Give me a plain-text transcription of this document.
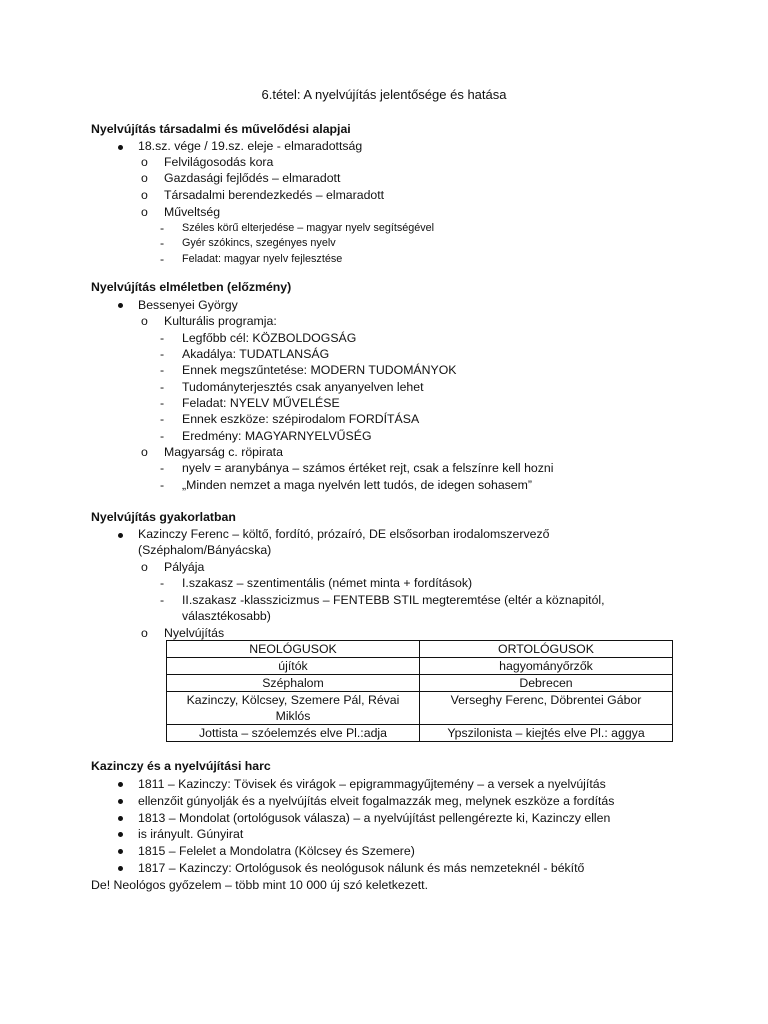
6.tétel: A nyelvújítás jelentősége és hatása
Nyelvújítás társadalmi és művelődési alapjai
18.sz. vége / 19.sz. eleje - elmaradottság
o Felvilágosodás kora
o Gazdasági fejlődés – elmaradott
o Társadalmi berendezkedés – elmaradott
o Műveltség
- Széles körű elterjedése – magyar nyelv segítségével
- Gyér szókincs, szegényes nyelv
- Feladat: magyar nyelv fejlesztése
Nyelvújítás elméletben (előzmény)
Bessenyei György
o Kulturális programja:
- Legfőbb cél: KÖZBOLDOGSÁG
- Akadálya: TUDATLANSÁG
- Ennek megszűntetése: MODERN TUDOMÁNYOK
- Tudományterjesztés csak anyanyelven lehet
- Feladat: NYELV MŰVELÉSE
- Ennek eszköze: szépirodalom FORDÍTÁSA
- Eredmény: MAGYARNYELVŰSÉG
o Magyarság c. röpirata
- nyelv = aranybánya – számos értéket rejt, csak a felszínre kell hozni
- „Minden nemzet a maga nyelvén lett tudós, de idegen sohasem”
Nyelvújítás gyakorlatban
Kazinczy Ferenc – költő, fordító, prózaíró, DE elsősorban irodalomszervező
(Széphalom/Bányácska)
o Pályája
- I.szakasz – szentimentális (német minta + fordítások)
- II.szakasz -klasszicizmus – FENTEBB STIL megteremtése (eltér a köznapitól,
választékosabb)
o Nyelvújítás
NEOLÓGUSOK	ORTOLÓGUSOK
újítók	hagyományőrzők
Széphalom	Debrecen
Kazinczy, Kölcsey, Szemere Pál, Révai Miklós	Verseghy Ferenc, Döbrentei Gábor
Jottista – szóelemzés elve Pl.:adja	Ypszilonista – kiejtés elve Pl.: aggya
Kazinczy és a nyelvújítási harc
1811 – Kazinczy: Tövisek és virágok – epigrammagyűjtemény – a versek a nyelvújítás
ellenzőit gúnyolják és a nyelvújítás elveit fogalmazzák meg, melynek eszköze a fordítás
1813 – Mondolat (ortológusok válasza) – a nyelvújítást pellengérezte ki, Kazinczy ellen
is irányult. Gúnyirat
1815 – Felelet a Mondolatra (Kölcsey és Szemere)
1817 – Kazinczy: Ortológusok és neológusok nálunk és más nemzeteknél - békítő
De! Neológos győzelem – több mint 10 000 új szó keletkezett.
